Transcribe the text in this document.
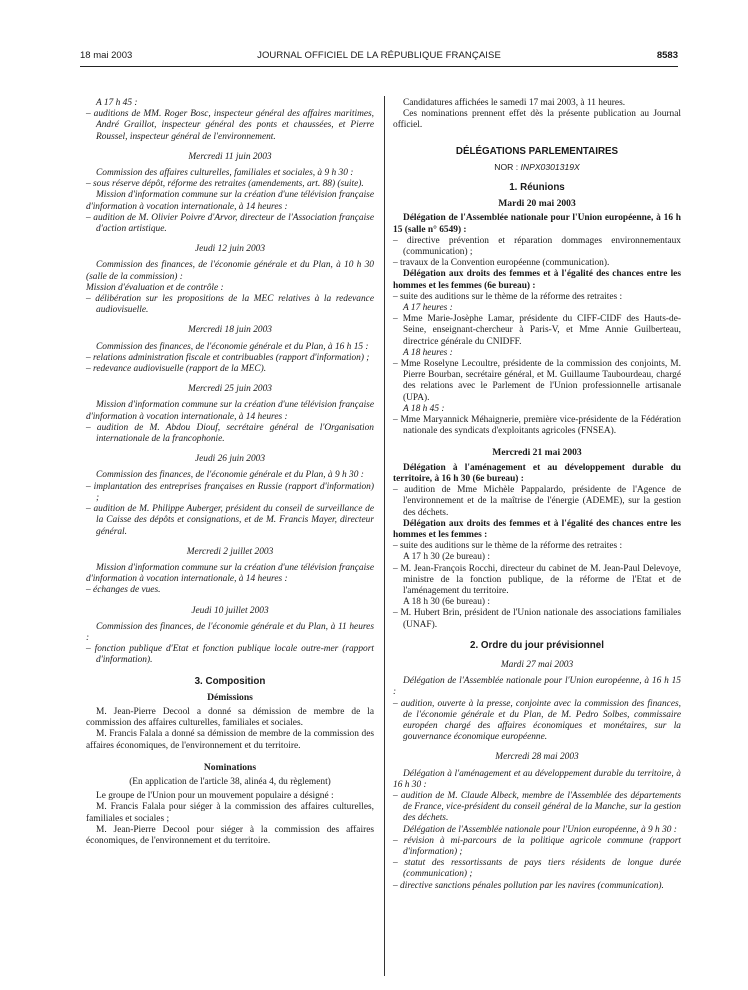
18 mai 2003	JOURNAL OFFICIEL DE LA RÉPUBLIQUE FRANÇAISE	8583

A 17 h 45 :

– auditions de MM. Roger Bosc, inspecteur général des affaires maritimes, André Graillot, inspecteur général des ponts et chaussées, et Pierre Roussel, inspecteur général de l'environnement.

Mercredi 11 juin 2003

Commission des affaires culturelles, familiales et sociales, à 9 h 30 :

– sous réserve dépôt, réforme des retraites (amendements, art. 88) (suite).

Mission d'information commune sur la création d'une télévision française d'information à vocation internationale, à 14 heures :

– audition de M. Olivier Poivre d'Arvor, directeur de l'Association française d'action artistique.

Jeudi 12 juin 2003

Commission des finances, de l'économie générale et du Plan, à 10 h 30 (salle de la commission) :

Mission d'évaluation et de contrôle :

– délibération sur les propositions de la MEC relatives à la redevance audiovisuelle.

Mercredi 18 juin 2003

Commission des finances, de l'économie générale et du Plan, à 16 h 15 :

– relations administration fiscale et contribuables (rapport d'information) ;

– redevance audiovisuelle (rapport de la MEC).

Mercredi 25 juin 2003

Mission d'information commune sur la création d'une télévision française d'information à vocation internationale, à 14 heures :

– audition de M. Abdou Diouf, secrétaire général de l'Organisation internationale de la francophonie.

Jeudi 26 juin 2003

Commission des finances, de l'économie générale et du Plan, à 9 h 30 :

– implantation des entreprises françaises en Russie (rapport d'information) ;

– audition de M. Philippe Auberger, président du conseil de surveillance de la Caisse des dépôts et consignations, et de M. Francis Mayer, directeur général.

Mercredi 2 juillet 2003

Mission d'information commune sur la création d'une télévision française d'information à vocation internationale, à 14 heures :

– échanges de vues.

Jeudi 10 juillet 2003

Commission des finances, de l'économie générale et du Plan, à 11 heures :

– fonction publique d'Etat et fonction publique locale outre-mer (rapport d'information).

3. Composition

Démissions

M. Jean-Pierre Decool a donné sa démission de membre de la commission des affaires culturelles, familiales et sociales.

M. Francis Falala a donné sa démission de membre de la commission des affaires économiques, de l'environnement et du territoire.

Nominations

(En application de l'article 38, alinéa 4, du règlement)

Le groupe de l'Union pour un mouvement populaire a désigné :

M. Francis Falala pour siéger à la commission des affaires culturelles, familiales et sociales ;

M. Jean-Pierre Decool pour siéger à la commission des affaires économiques, de l'environnement et du territoire.

Candidatures affichées le samedi 17 mai 2003, à 11 heures.

Ces nominations prennent effet dès la présente publication au Journal officiel.

DÉLÉGATIONS PARLEMENTAIRES

NOR : INPX0301319X

1. Réunions

Mardi 20 mai 2003

Délégation de l'Assemblée nationale pour l'Union européenne, à 16 h 15 (salle n° 6549) :

– directive prévention et réparation dommages environnementaux (communication) ;

– travaux de la Convention européenne (communication).

Délégation aux droits des femmes et à l'égalité des chances entre les hommes et les femmes (6e bureau) :

– suite des auditions sur le thème de la réforme des retraites :

A 17 heures :

– Mme Marie-Josèphe Lamar, présidente du CIFF-CIDF des Hauts-de-Seine, enseignant-chercheur à Paris-V, et Mme Annie Guilberteau, directrice générale du CNIDFF.

A 18 heures :

– Mme Roselyne Lecoultre, présidente de la commission des conjoints, M. Pierre Bourban, secrétaire général, et M. Guillaume Taubourdeau, chargé des relations avec le Parlement de l'Union professionnelle artisanale (UPA).

A 18 h 45 :

– Mme Maryannick Méhaignerie, première vice-présidente de la Fédération nationale des syndicats d'exploitants agricoles (FNSEA).

Mercredi 21 mai 2003

Délégation à l'aménagement et au développement durable du territoire, à 16 h 30 (6e bureau) :

– audition de Mme Michèle Pappalardo, présidente de l'Agence de l'environnement et de la maîtrise de l'énergie (ADEME), sur la gestion des déchets.

Délégation aux droits des femmes et à l'égalité des chances entre les hommes et les femmes :

– suite des auditions sur le thème de la réforme des retraites :

A 17 h 30 (2e bureau) :

– M. Jean-François Rocchi, directeur du cabinet de M. Jean-Paul Delevoye, ministre de la fonction publique, de la réforme de l'Etat et de l'aménagement du territoire.

A 18 h 30 (6e bureau) :

– M. Hubert Brin, président de l'Union nationale des associations familiales (UNAF).

2. Ordre du jour prévisionnel

Mardi 27 mai 2003

Délégation de l'Assemblée nationale pour l'Union européenne, à 16 h 15 :

– audition, ouverte à la presse, conjointe avec la commission des finances, de l'économie générale et du Plan, de M. Pedro Solbes, commissaire européen chargé des affaires économiques et monétaires, sur la gouvernance économique européenne.

Mercredi 28 mai 2003

Délégation à l'aménagement et au développement durable du territoire, à 16 h 30 :

– audition de M. Claude Albeck, membre de l'Assemblée des départements de France, vice-président du conseil général de la Manche, sur la gestion des déchets.

Délégation de l'Assemblée nationale pour l'Union européenne, à 9 h 30 :

– révision à mi-parcours de la politique agricole commune (rapport d'information) ;

– statut des ressortissants de pays tiers résidents de longue durée (communication) ;

– directive sanctions pénales pollution par les navires (communication).
